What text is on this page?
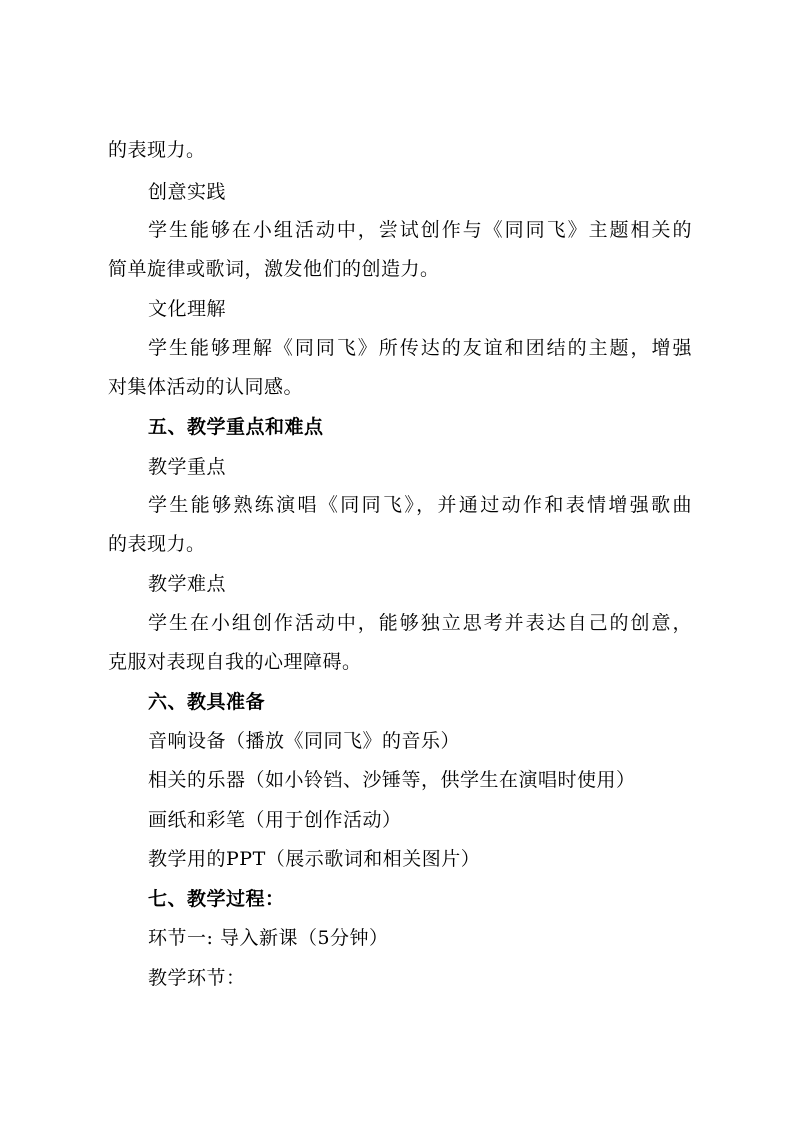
的表现力。
创意实践
学生能够在小组活动中，尝试创作与《同同飞》主题相关的
简单旋律或歌词，激发他们的创造力。
文化理解
学生能够理解《同同飞》所传达的友谊和团结的主题，增强
对集体活动的认同感。
五、教学重点和难点
教学重点
学生能够熟练演唱《同同飞》，并通过动作和表情增强歌曲
的表现力。
教学难点
学生在小组创作活动中，能够独立思考并表达自己的创意，
克服对表现自我的心理障碍。
六、教具准备
音响设备（播放《同同飞》的音乐）
相关的乐器（如小铃铛、沙锤等，供学生在演唱时使用）
画纸和彩笔（用于创作活动）
教学用的PPT（展示歌词和相关图片）
七、教学过程：
环节一: 导入新课（5分钟）
教学环节：
